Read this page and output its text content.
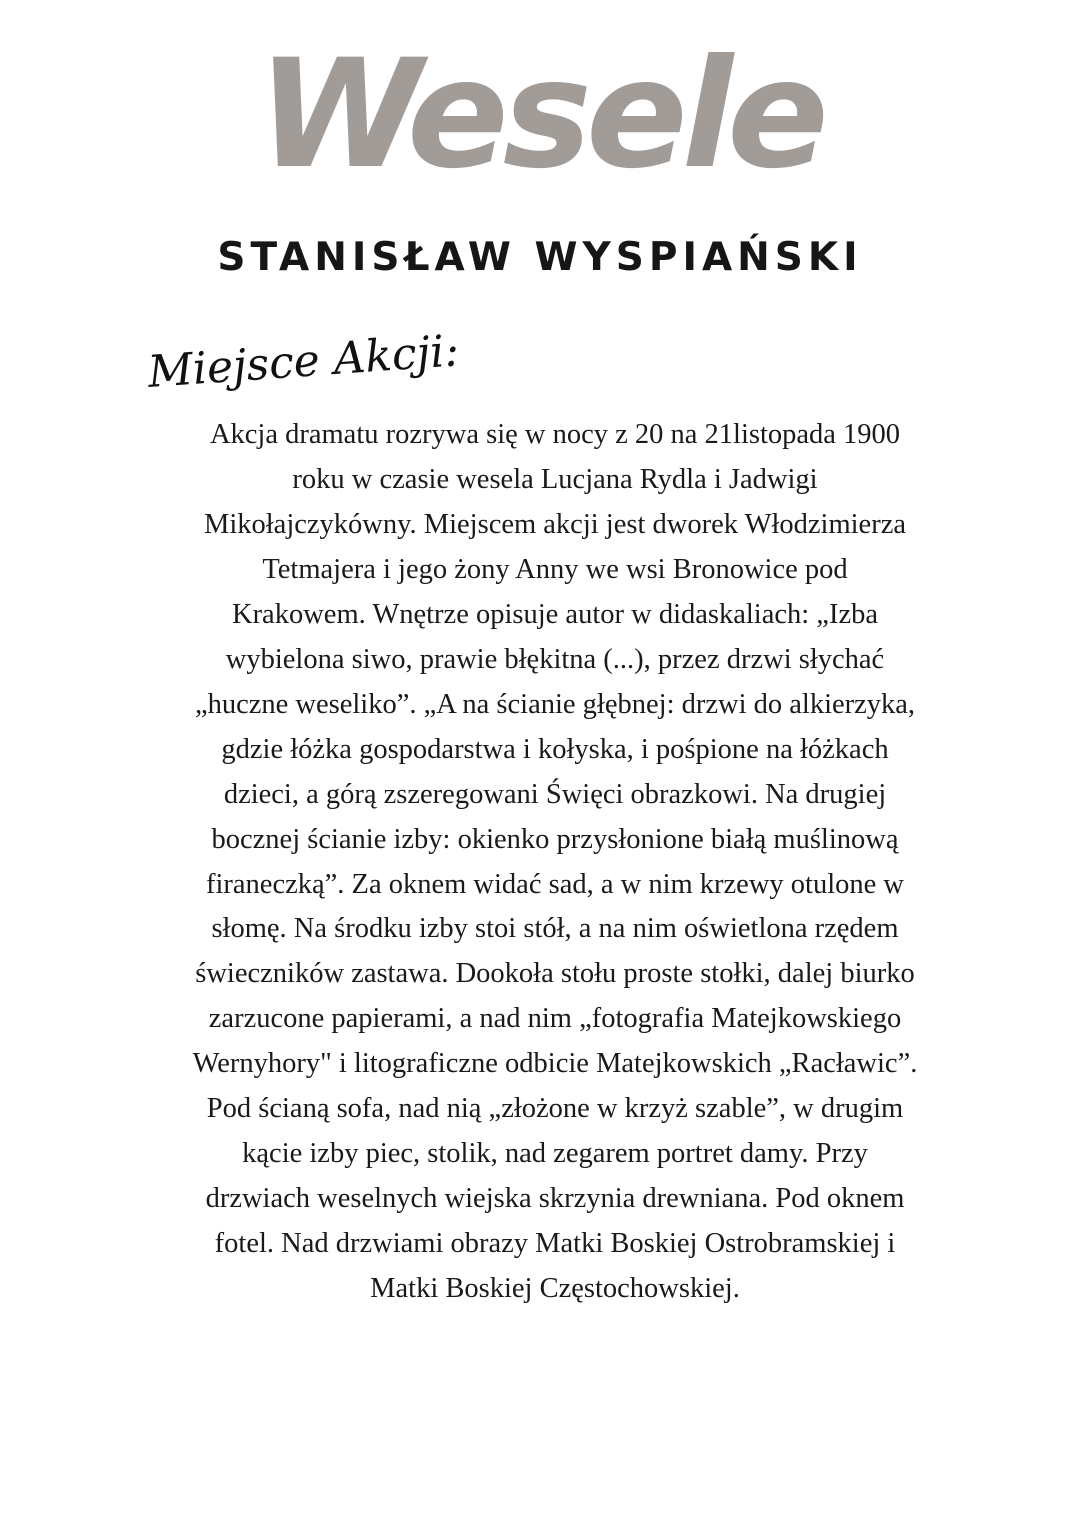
Wesele
STANISŁAW WYSPIAŃSKI
Miejsce Akcji:

Akcja dramatu rozrywa się w nocy z 20 na 21listopada 1900
roku w czasie wesela Lucjana Rydla i Jadwigi
Mikołajczykówny. Miejscem akcji jest dworek Włodzimierza
Tetmajera i jego żony Anny we wsi Bronowice pod
Krakowem. Wnętrze opisuje autor w didaskaliach: „Izba
wybielona siwo, prawie błękitna (...), przez drzwi słychać
„huczne weseliko”. „A na ścianie głębnej: drzwi do alkierzyka,
gdzie łóżka gospodarstwa i kołyska, i pośpione na łóżkach
dzieci, a górą zszeregowani Święci obrazkowi. Na drugiej
bocznej ścianie izby: okienko przysłonione białą muślinową
firaneczką”. Za oknem widać sad, a w nim krzewy otulone w
słomę. Na środku izby stoi stół, a na nim oświetlona rzędem
świeczników zastawa. Dookoła stołu proste stołki, dalej biurko
zarzucone papierami, a nad nim „fotografia Matejkowskiego
Wernyhory" i litograficzne odbicie Matejkowskich „Racławic”.
Pod ścianą sofa, nad nią „złożone w krzyż szable”, w drugim
kącie izby piec, stolik, nad zegarem portret damy. Przy
drzwiach weselnych wiejska skrzynia drewniana. Pod oknem
fotel. Nad drzwiami obrazy Matki Boskiej Ostrobramskiej i
Matki Boskiej Częstochowskiej.
